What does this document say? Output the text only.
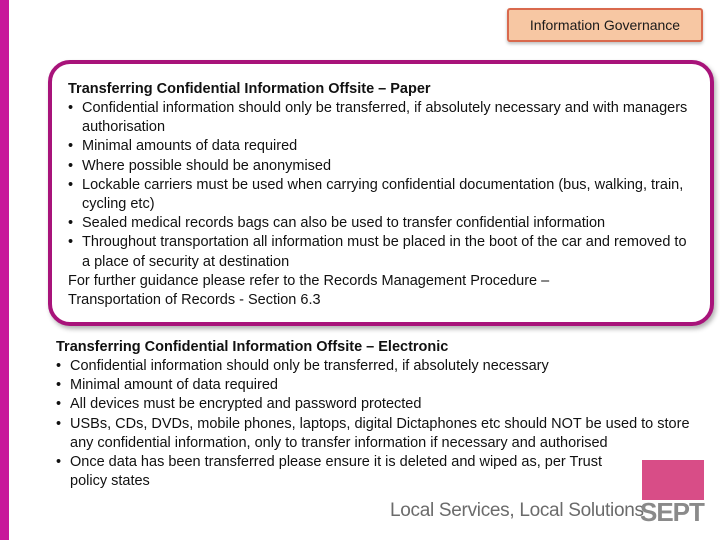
Information Governance

Transferring Confidential Information Offsite – Paper

• Confidential information should only be transferred, if absolutely necessary and with managers authorisation
• Minimal amounts of data required
• Where possible should be anonymised
• Lockable carriers must be used when carrying confidential documentation (bus, walking, train, cycling etc)
• Sealed medical records bags can also be used to transfer confidential information
• Throughout transportation all information must be placed in the boot of the car and removed to a place of security at destination

For further guidance please refer to the Records Management Procedure –

Transportation of Records - Section 6.3

Transferring Confidential Information Offsite – Electronic

• Confidential information should only be transferred, if absolutely necessary
• Minimal amount of data required
• All devices must be encrypted and password protected
• USBs, CDs, DVDs, mobile phones, laptops, digital Dictaphones etc should NOT be used to store any confidential information, only to transfer information if necessary and authorised
• Once data has been transferred please ensure it is deleted and wiped as, per Trust policy states
Local Services, Local Solutions
SEPT
